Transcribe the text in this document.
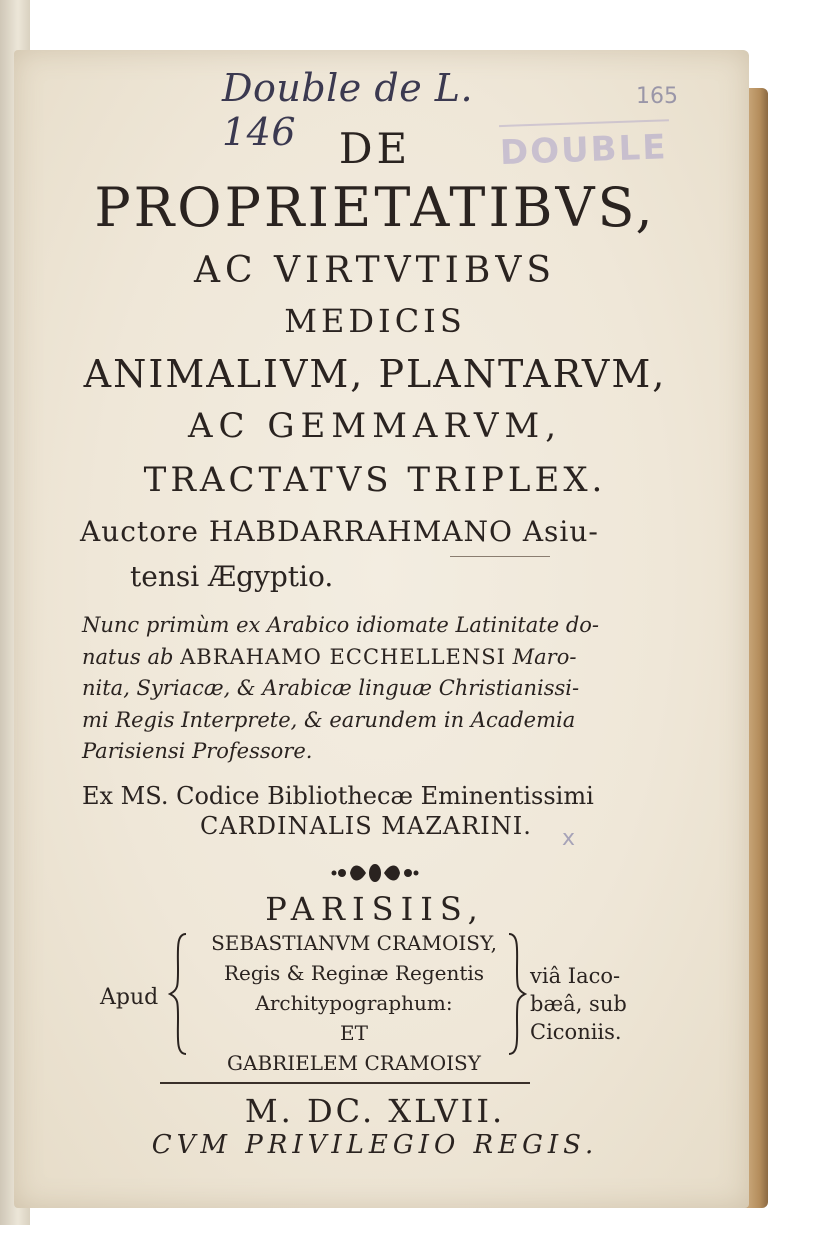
Double de L. 146
165
DOUBLE
DE
PROPRIETATIBVS,
AC VIRTVTIBVS
MEDICIS
ANIMALIVM, PLANTARVM,
AC GEMMARVM,
TRACTATVS TRIPLEX.
Auctore HABDARRAHMANO Asiu-
tensi Ægyptio.
Nunc primùm ex Arabico idiomate Latinitate do-
natus ab ABRAHAMO ECCHELLENSI Maro-
nita, Syriacæ, & Arabicæ linguæ Christianissi-
mi Regis Interprete, & earundem in Academia
Parisiensi Professore.
Ex MS. Codice Bibliothecæ Eminentissimi
CARDINALIS MAZARINI.	x
PARISIIS,
Apud
SEBASTIANVM CRAMOISY,
Regis & Reginæ Regentis
Architypographum:
ET
GABRIELEM CRAMOISY
viâ Iaco-
bæâ, sub
Ciconiis.
M. DC. XLVII.
CVM PRIVILEGIO REGIS.
